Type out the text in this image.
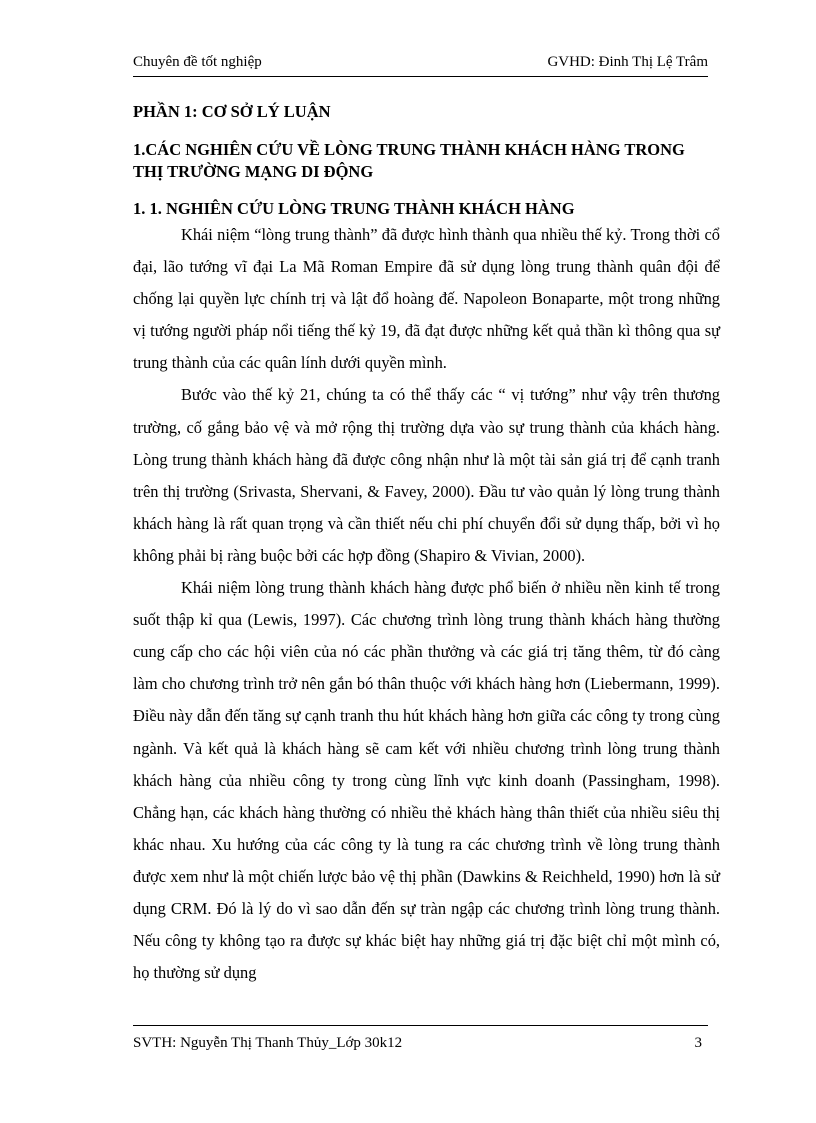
Chuyên đề tốt nghiệp	GVHD: Đinh Thị Lệ Trâm
PHẦN 1: CƠ SỞ LÝ LUẬN
1.CÁC NGHIÊN CỨU VỀ LÒNG TRUNG THÀNH KHÁCH HÀNG TRONG
THỊ TRƯỜNG MẠNG DI ĐỘNG
1. 1. NGHIÊN CỨU LÒNG TRUNG THÀNH KHÁCH HÀNG

Khái niệm “lòng trung thành” đã được hình thành qua nhiều thế kỷ. Trong thời cổ đại, lão tướng vĩ đại La Mã Roman Empire đã sử dụng lòng trung thành quân đội để chống lại quyền lực chính trị và lật đổ hoàng đế. Napoleon Bonaparte, một trong những vị tướng người pháp nổi tiếng thế kỷ 19, đã đạt được những kết quả thần kì thông qua sự trung thành của các quân lính dưới quyền mình.

Bước vào thế kỷ 21, chúng ta có thể thấy các “ vị tướng” như vậy trên thương trường, cố gắng bảo vệ và mở rộng thị trường dựa vào sự trung thành của khách hàng. Lòng trung thành khách hàng đã được công nhận như là một tài sản giá trị để cạnh tranh trên thị trường (Srivasta, Shervani, & Favey, 2000). Đầu tư vào quản lý lòng trung thành khách hàng là rất quan trọng và cần thiết nếu chi phí chuyển đổi sử dụng thấp, bởi vì họ không phải bị ràng buộc bởi các hợp đồng (Shapiro & Vivian, 2000).

Khái niệm lòng trung thành khách hàng được phổ biến ở nhiều nền kinh tế trong suốt thập kỉ qua (Lewis, 1997). Các chương trình lòng trung thành khách hàng thường cung cấp cho các hội viên của nó các phần thưởng và các giá trị tăng thêm, từ đó càng làm cho chương trình trở nên gắn bó thân thuộc với khách hàng hơn (Liebermann, 1999). Điều này dẫn đến tăng sự cạnh tranh thu hút khách hàng hơn giữa các công ty trong cùng ngành. Và kết quả là khách hàng sẽ cam kết với nhiều chương trình lòng trung thành khách hàng của nhiều công ty trong cùng lĩnh vực kinh doanh (Passingham, 1998). Chẳng hạn, các khách hàng thường có nhiều thẻ khách hàng thân thiết của nhiều siêu thị khác nhau. Xu hướng của các công ty là tung ra các chương trình về lòng trung thành được xem như là một chiến lược bảo vệ thị phần (Dawkins & Reichheld, 1990) hơn là sử dụng CRM. Đó là lý do vì sao dẫn đến sự tràn ngập các chương trình lòng trung thành. Nếu công ty không tạo ra được sự khác biệt hay những giá trị đặc biệt chỉ một mình có, họ thường sử dụng

SVTH: Nguyễn Thị Thanh Thủy_Lớp 30k12	3
